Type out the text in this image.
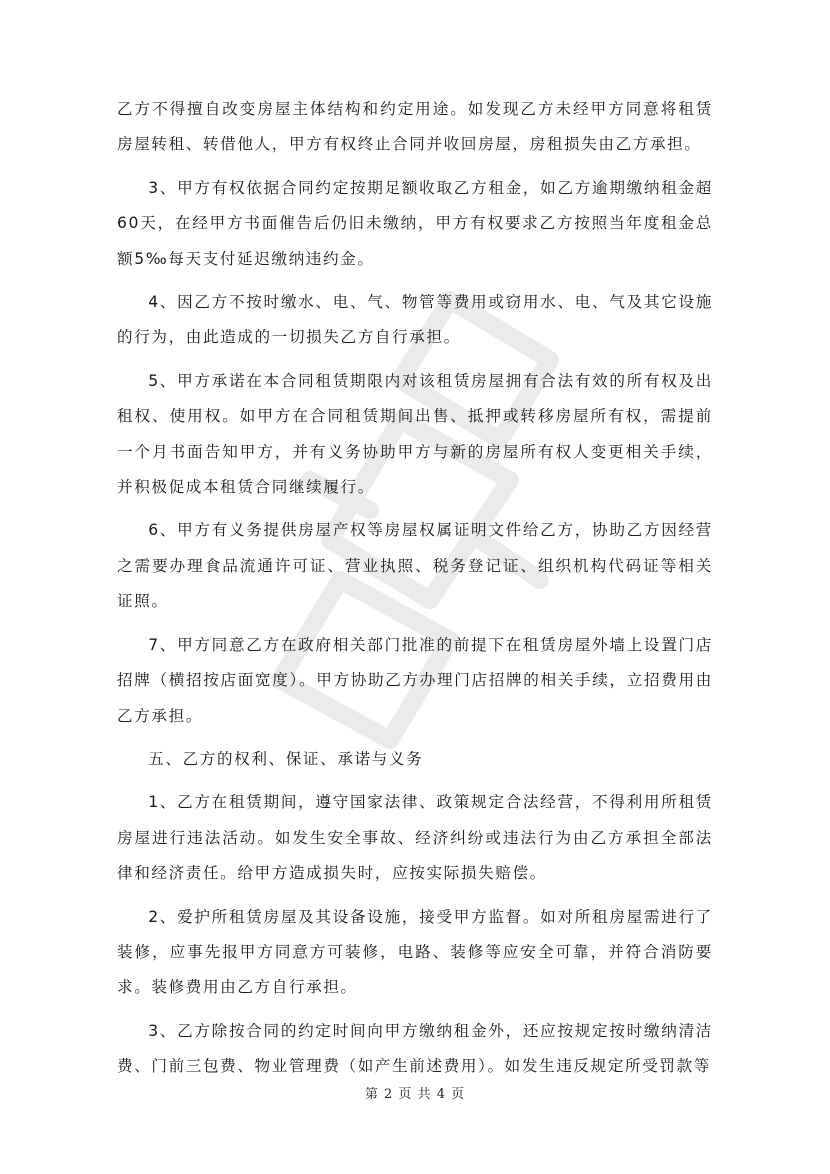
乙方不得擅自改变房屋主体结构和约定用途。如发现乙方未经甲方同意将租赁房屋转租、转借他人，甲方有权终止合同并收回房屋，房租损失由乙方承担。

3、甲方有权依据合同约定按期足额收取乙方租金，如乙方逾期缴纳租金超60天，在经甲方书面催告后仍旧未缴纳，甲方有权要求乙方按照当年度租金总额5‰每天支付延迟缴纳违约金。

4、因乙方不按时缴水、电、气、物管等费用或窃用水、电、气及其它设施的行为，由此造成的一切损失乙方自行承担。

5、甲方承诺在本合同租赁期限内对该租赁房屋拥有合法有效的所有权及出租权、使用权。如甲方在合同租赁期间出售、抵押或转移房屋所有权，需提前一个月书面告知甲方，并有义务协助甲方与新的房屋所有权人变更相关手续，并积极促成本租赁合同继续履行。

6、甲方有义务提供房屋产权等房屋权属证明文件给乙方，协助乙方因经营之需要办理食品流通许可证、营业执照、税务登记证、组织机构代码证等相关证照。

7、甲方同意乙方在政府相关部门批准的前提下在租赁房屋外墙上设置门店招牌（横招按店面宽度）。甲方协助乙方办理门店招牌的相关手续，立招费用由乙方承担。

五、乙方的权利、保证、承诺与义务

1、乙方在租赁期间，遵守国家法律、政策规定合法经营，不得利用所租赁房屋进行违法活动。如发生安全事故、经济纠纷或违法行为由乙方承担全部法律和经济责任。给甲方造成损失时，应按实际损失赔偿。

2、爱护所租赁房屋及其设备设施，接受甲方监督。如对所租房屋需进行了装修，应事先报甲方同意方可装修，电路、装修等应安全可靠，并符合消防要求。装修费用由乙方自行承担。

3、乙方除按合同的约定时间向甲方缴纳租金外，还应按规定按时缴纳清洁费、门前三包费、物业管理费（如产生前述费用）。如发生违反规定所受罚款等

第 2 页 共 4 页
